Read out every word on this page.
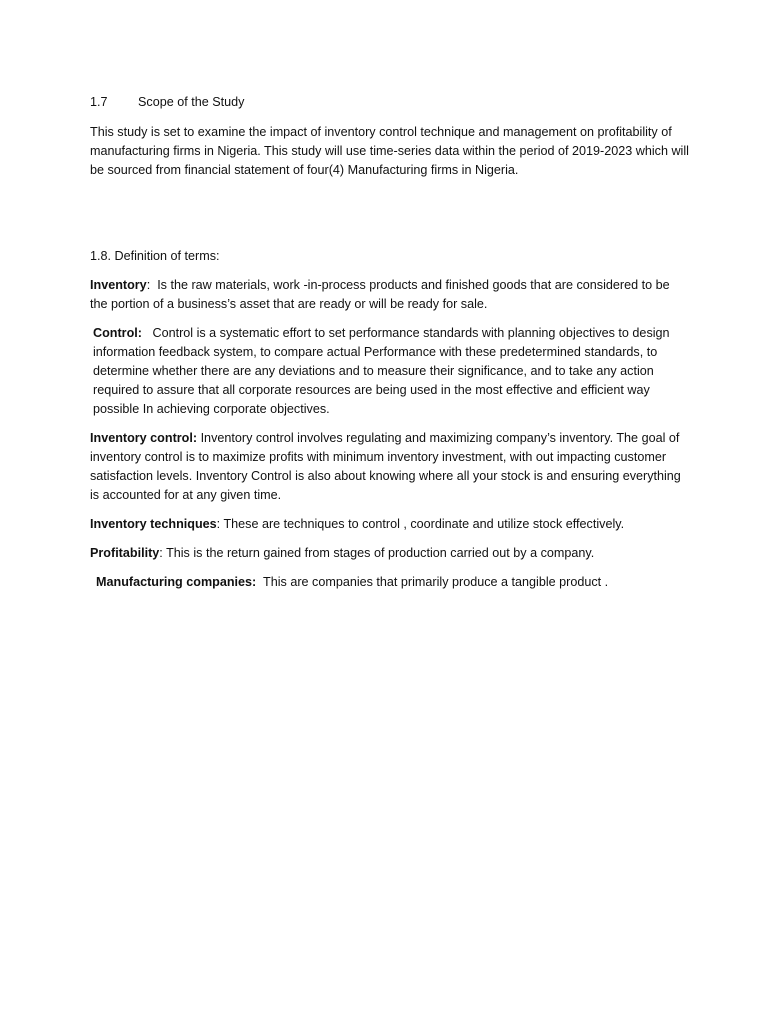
1.7 Scope of the Study

This study is set to examine the impact of inventory control technique and management on profitability of manufacturing firms in Nigeria. This study will use time-series data within the period of 2019-2023 which will be sourced from financial statement of four(4) Manufacturing firms in Nigeria.

1.8. Definition of terms:

Inventory:  Is the raw materials, work -in-process products and finished goods that are considered to be the portion of a business’s asset that are ready or will be ready for sale.

Control: Control is a systematic effort to set performance standards with planning objectives to design information feedback system, to compare actual Performance with these predetermined standards, to determine whether there are any deviations and to measure their significance, and to take any action required to assure that all corporate resources are being used in the most effective and efficient way possible In achieving corporate objectives.

Inventory control: Inventory control involves regulating and maximizing company’s inventory. The goal of inventory control is to maximize profits with minimum inventory investment, with out impacting customer satisfaction levels. Inventory Control is also about knowing where all your stock is and ensuring everything is accounted for at any given time.

Inventory techniques: These are techniques to control , coordinate and utilize stock effectively.

Profitability: This is the return gained from stages of production carried out by a company.

Manufacturing companies: This are companies that primarily produce a tangible product .
